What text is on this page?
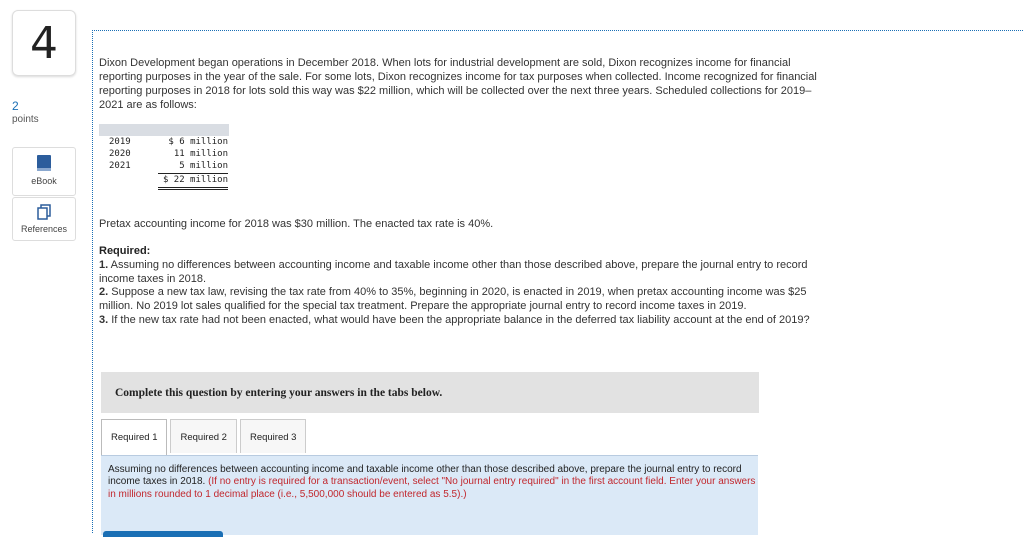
4
2
points
eBook
References
Dixon Development began operations in December 2018. When lots for industrial development are sold, Dixon recognizes income for financial reporting purposes in the year of the sale. For some lots, Dixon recognizes income for tax purposes when collected. Income recognized for financial reporting purposes in 2018 for lots sold this way was $22 million, which will be collected over the next three years. Scheduled collections for 2019–2021 are as follows:
2019	$ 6 million
2020	11 million
2021	5 million
$ 22 million
Pretax accounting income for 2018 was $30 million. The enacted tax rate is 40%.
Required:
1. Assuming no differences between accounting income and taxable income other than those described above, prepare the journal entry to record income taxes in 2018.
2. Suppose a new tax law, revising the tax rate from 40% to 35%, beginning in 2020, is enacted in 2019, when pretax accounting income was $25 million. No 2019 lot sales qualified for the special tax treatment. Prepare the appropriate journal entry to record income taxes in 2019.
3. If the new tax rate had not been enacted, what would have been the appropriate balance in the deferred tax liability account at the end of 2019?
Complete this question by entering your answers in the tabs below.
Required 1	Required 2	Required 3
Assuming no differences between accounting income and taxable income other than those described above, prepare the journal entry to record income taxes in 2018. (If no entry is required for a transaction/event, select "No journal entry required" in the first account field. Enter your answers in millions rounded to 1 decimal place (i.e., 5,500,000 should be entered as 5.5).)
